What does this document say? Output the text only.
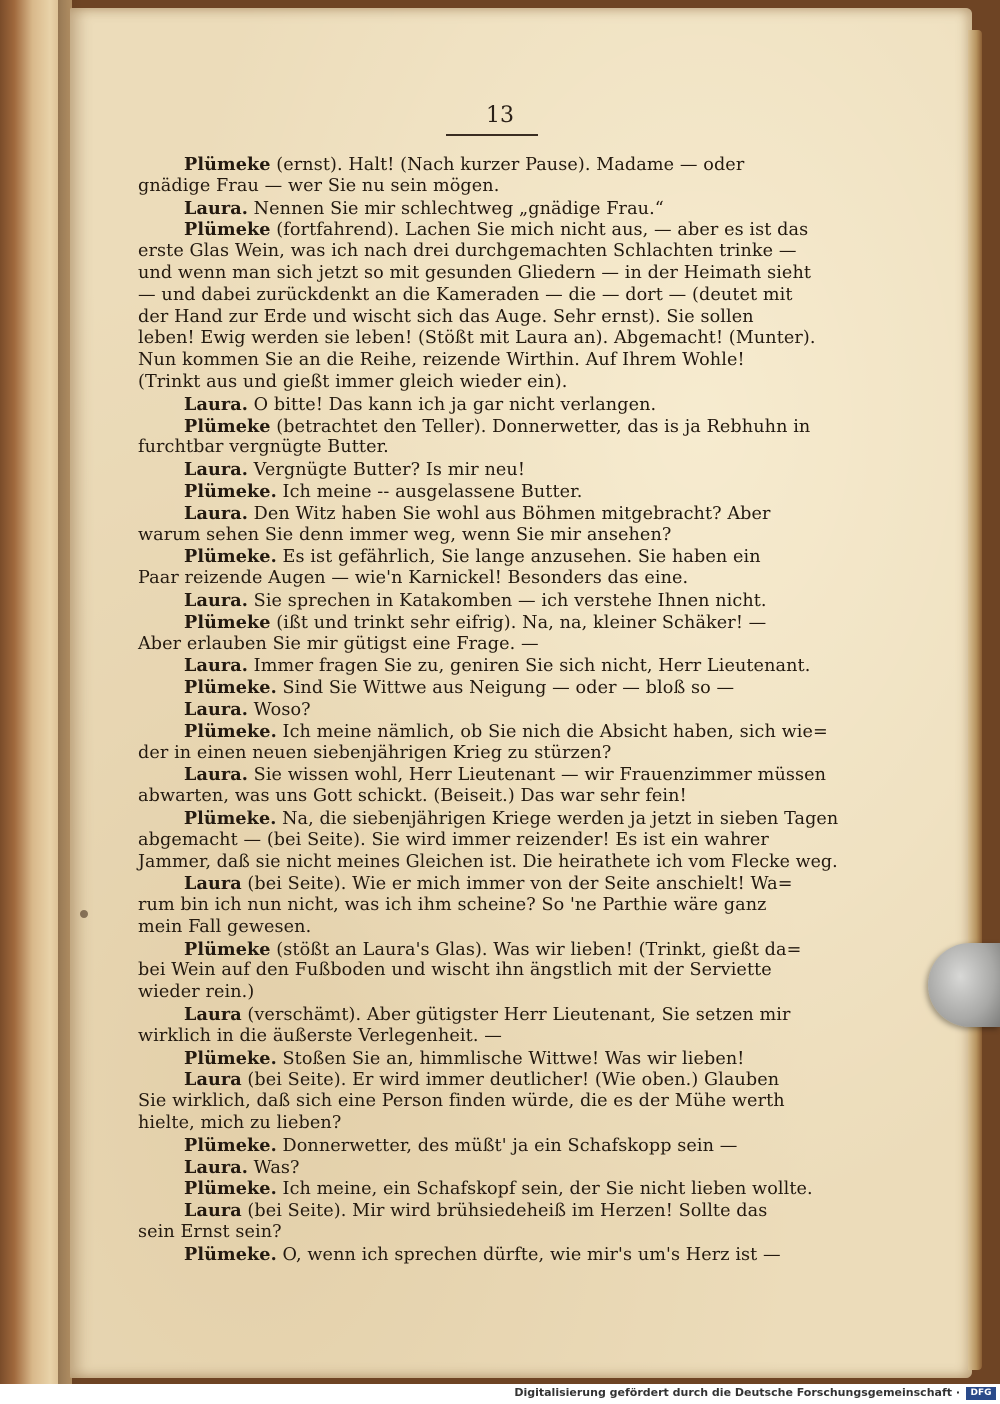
13
Plümeke (ernst). Halt! (Nach kurzer Pause). Madame — oder
gnädige Frau — wer Sie nu sein mögen.
Laura. Nennen Sie mir schlechtweg „gnädige Frau.“
Plümeke (fortfahrend). Lachen Sie mich nicht aus, — aber es ist das
erste Glas Wein, was ich nach drei durchgemachten Schlachten trinke —
und wenn man sich jetzt so mit gesunden Gliedern — in der Heimath sieht
— und dabei zurückdenkt an die Kameraden — die — dort — (deutet mit
der Hand zur Erde und wischt sich das Auge. Sehr ernst). Sie sollen
leben! Ewig werden sie leben! (Stößt mit Laura an). Abgemacht! (Munter).
Nun kommen Sie an die Reihe, reizende Wirthin. Auf Ihrem Wohle!
(Trinkt aus und gießt immer gleich wieder ein).
Laura. O bitte! Das kann ich ja gar nicht verlangen.
Plümeke (betrachtet den Teller). Donnerwetter, das is ja Rebhuhn in
furchtbar vergnügte Butter.
Laura. Vergnügte Butter? Is mir neu!
Plümeke. Ich meine -- ausgelassene Butter.
Laura. Den Witz haben Sie wohl aus Böhmen mitgebracht? Aber
warum sehen Sie denn immer weg, wenn Sie mir ansehen?
Plümeke. Es ist gefährlich, Sie lange anzusehen. Sie haben ein
Paar reizende Augen — wie'n Karnickel! Besonders das eine.
Laura. Sie sprechen in Katakomben — ich verstehe Ihnen nicht.
Plümeke (ißt und trinkt sehr eifrig). Na, na, kleiner Schäker! —
Aber erlauben Sie mir gütigst eine Frage. —
Laura. Immer fragen Sie zu, geniren Sie sich nicht, Herr Lieutenant.
Plümeke. Sind Sie Wittwe aus Neigung — oder — bloß so —
Laura. Woso?
Plümeke. Ich meine nämlich, ob Sie nich die Absicht haben, sich wie=
der in einen neuen siebenjährigen Krieg zu stürzen?
Laura. Sie wissen wohl, Herr Lieutenant — wir Frauenzimmer müssen
abwarten, was uns Gott schickt. (Beiseit.) Das war sehr fein!
Plümeke. Na, die siebenjährigen Kriege werden ja jetzt in sieben Tagen
abgemacht — (bei Seite). Sie wird immer reizender! Es ist ein wahrer
Jammer, daß sie nicht meines Gleichen ist. Die heirathete ich vom Flecke weg.
Laura (bei Seite). Wie er mich immer von der Seite anschielt! Wa=
rum bin ich nun nicht, was ich ihm scheine? So 'ne Parthie wäre ganz
mein Fall gewesen.
Plümeke (stößt an Laura's Glas). Was wir lieben! (Trinkt, gießt da=
bei Wein auf den Fußboden und wischt ihn ängstlich mit der Serviette
wieder rein.)
Laura (verschämt). Aber gütigster Herr Lieutenant, Sie setzen mir
wirklich in die äußerste Verlegenheit. —
Plümeke. Stoßen Sie an, himmlische Wittwe! Was wir lieben!
Laura (bei Seite). Er wird immer deutlicher! (Wie oben.) Glauben
Sie wirklich, daß sich eine Person finden würde, die es der Mühe werth
hielte, mich zu lieben?
Plümeke. Donnerwetter, des müßt' ja ein Schafskopp sein —
Laura. Was?
Plümeke. Ich meine, ein Schafskopf sein, der Sie nicht lieben wollte.
Laura (bei Seite). Mir wird brühsiedeheiß im Herzen! Sollte das
sein Ernst sein?
Plümeke. O, wenn ich sprechen dürfte, wie mir's um's Herz ist —
Digitalisierung gefördert durch die Deutsche Forschungsgemeinschaft ·	DFG
